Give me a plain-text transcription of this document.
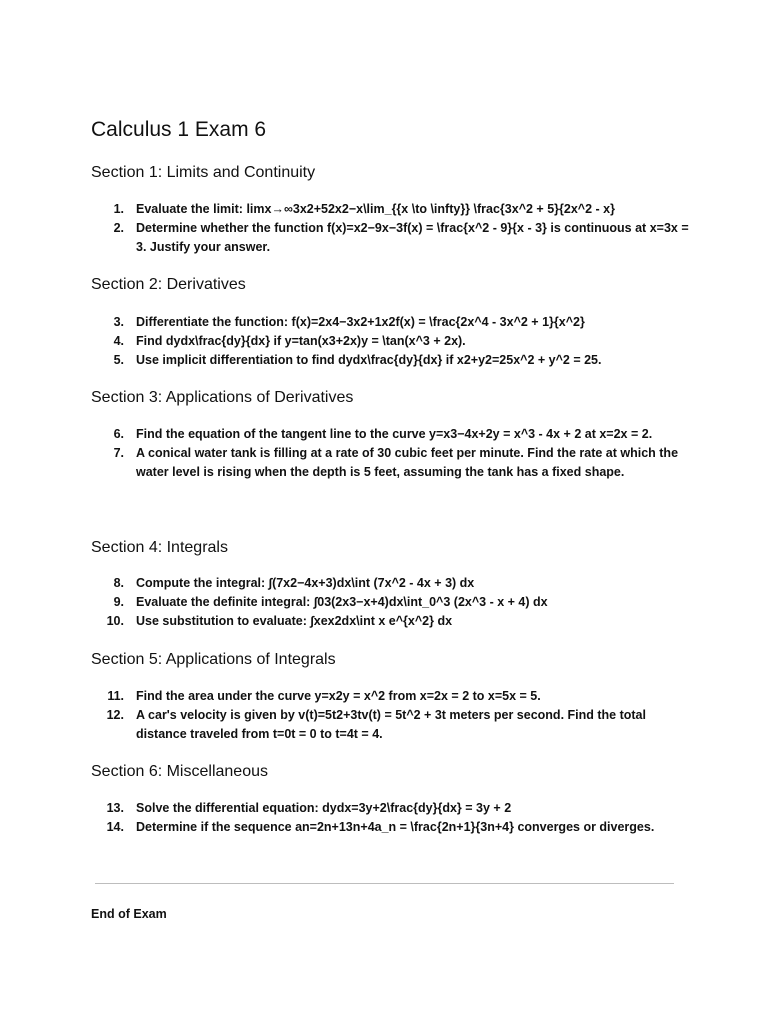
Calculus 1 Exam 6
Section 1: Limits and Continuity
1. Evaluate the limit: limx→∞3x2+52x2−x\lim_{{x \to \infty}} \frac{3x^2 + 5}{2x^2 - x}
2. Determine whether the function f(x)=x2−9x−3f(x) = \frac{x^2 - 9}{x - 3} is continuous at x=3x = 3. Justify your answer.
Section 2: Derivatives
3. Differentiate the function: f(x)=2x4−3x2+1x2f(x) = \frac{2x^4 - 3x^2 + 1}{x^2}
4. Find dydx\frac{dy}{dx} if y=tan(x3+2x)y = \tan(x^3 + 2x).
5. Use implicit differentiation to find dydx\frac{dy}{dx} if x2+y2=25x^2 + y^2 = 25.
Section 3: Applications of Derivatives
6. Find the equation of the tangent line to the curve y=x3−4x+2y = x^3 - 4x + 2 at x=2x = 2.
7. A conical water tank is filling at a rate of 30 cubic feet per minute. Find the rate at which the water level is rising when the depth is 5 feet, assuming the tank has a fixed shape.
Section 4: Integrals
8. Compute the integral: ∫(7x2−4x+3)dx\int (7x^2 - 4x + 3) dx
9. Evaluate the definite integral: ∫03(2x3−x+4)dx\int_0^3 (2x^3 - x + 4) dx
10. Use substitution to evaluate: ∫xex2dx\int x e^{x^2} dx
Section 5: Applications of Integrals
11. Find the area under the curve y=x2y = x^2 from x=2x = 2 to x=5x = 5.
12. A car's velocity is given by v(t)=5t2+3tv(t) = 5t^2 + 3t meters per second. Find the total distance traveled from t=0t = 0 to t=4t = 4.
Section 6: Miscellaneous
13. Solve the differential equation: dydx=3y+2\frac{dy}{dx} = 3y + 2
14. Determine if the sequence an=2n+13n+4a_n = \frac{2n+1}{3n+4} converges or diverges.

End of Exam
